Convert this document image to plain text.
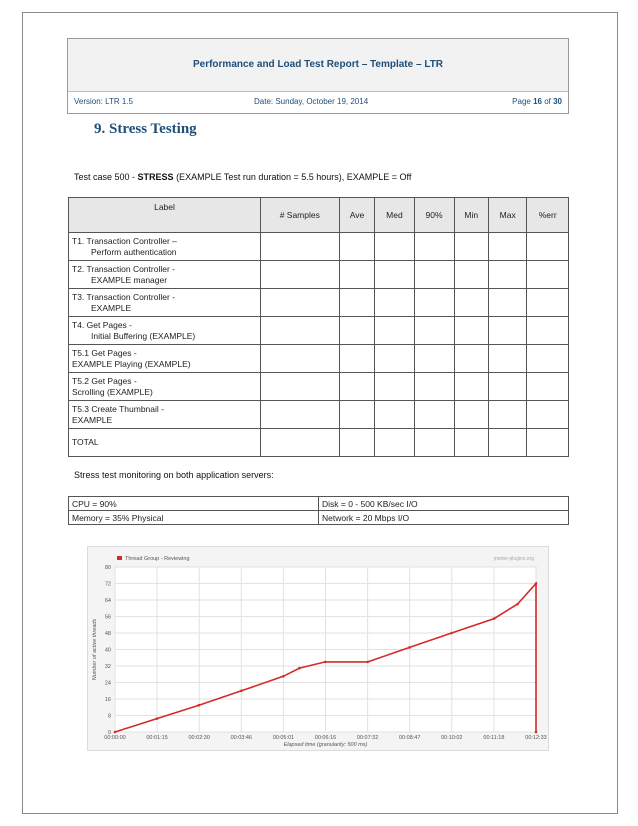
Performance and Load Test Report – Template – LTR
Version: LTR 1.5	Date: Sunday, October 19, 2014	Page 16 of 30
9. Stress Testing
Test case 500 - STRESS (EXAMPLE Test run duration = 5.5 hours), EXAMPLE = Off
Label	# Samples	Ave	Med	90%	Min	Max	%err
T1. Transaction Controller –
Perform authentication							

T2. Transaction Controller -
EXAMPLE manager							

T3. Transaction Controller -
EXAMPLE							

T4. Get Pages -
Initial Buffering (EXAMPLE)							

T5.1 Get Pages -
EXAMPLE Playing (EXAMPLE)							
T5.2 Get Pages -
Scrolling (EXAMPLE)							
T5.3 Create Thumbnail -
EXAMPLE							
TOTAL							
Stress test monitoring on both application servers:
CPU = 90%	Disk = 0 - 500 KB/sec I/O
Memory = 35% Physical	Network = 20 Mbps I/O
0
8
16
24
32
40
48
56
64
72
80
00:00:00	00:01:15	00:02:30	00:03:46	00:05:01	00:06:16	00:07:32	00:08:47	00:10:02	00:11:18	00:12:33
Thread Group - Reviewing	jmeter-plugins.org
Elapsed time (granularity: 500 ms)
Number of active threads
